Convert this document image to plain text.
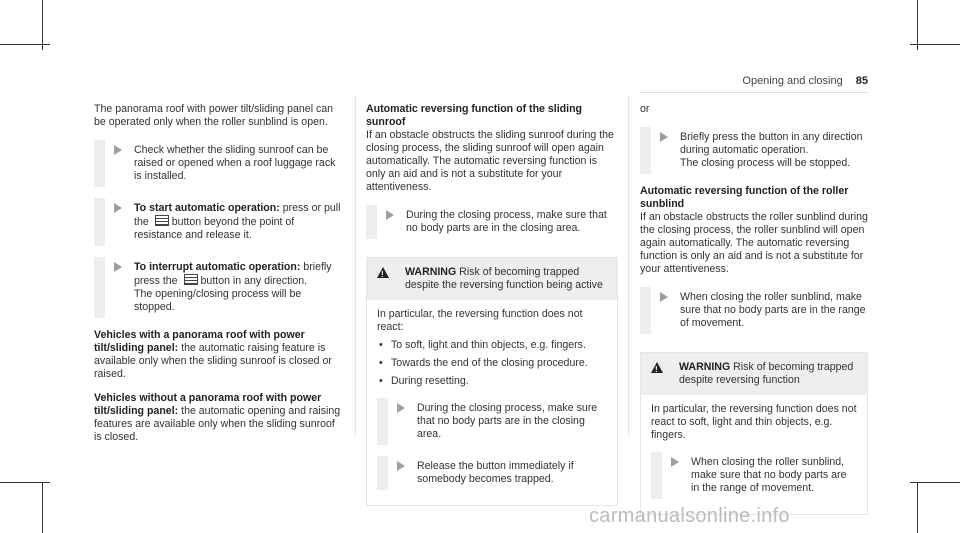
Opening and closing 85

The panorama roof with power tilt/sliding panel can be operated only when the roller sunblind is open.

Check whether the sliding sunroof can be raised or opened when a roof luggage rack is installed.
To start automatic operation: press or pull the button beyond the point of resistance and release it.
To interrupt automatic operation: briefly press the button in any direction.
The opening/closing process will be stopped.

Vehicles with a panorama roof with power tilt/sliding panel: the automatic raising feature is available only when the sliding sunroof is closed or raised.

Vehicles without a panorama roof with power tilt/sliding panel: the automatic opening and raising features are available only when the sliding sunroof is closed.

Automatic reversing function of the sliding sunroof

If an obstacle obstructs the sliding sunroof during the closing process, the sliding sunroof will open again automatically. The automatic reversing function is only an aid and is not a substitute for your attentiveness.

During the closing process, make sure that no body parts are in the closing area.
!
WARNING Risk of becoming trapped despite the reversing function being active
In particular, the reversing function does not react:
• To soft, light and thin objects, e.g. fingers.
• Towards the end of the closing procedure.
• During resetting.
During the closing process, make sure that no body parts are in the closing area.
Release the button immediately if somebody becomes trapped.

or

Briefly press the button in any direction during automatic operation.
The closing process will be stopped.

Automatic reversing function of the roller sunblind

If an obstacle obstructs the roller sunblind during the closing process, the roller sunblind will open again automatically. The automatic reversing function is only an aid and is not a substitute for your attentiveness.

When closing the roller sunblind, make sure that no body parts are in the range of movement.
!
WARNING Risk of becoming trapped despite reversing function
In particular, the reversing function does not react to soft, light and thin objects, e.g. fingers.
When closing the roller sunblind, make sure that no body parts are in the range of movement.
carmanualsonline.info
